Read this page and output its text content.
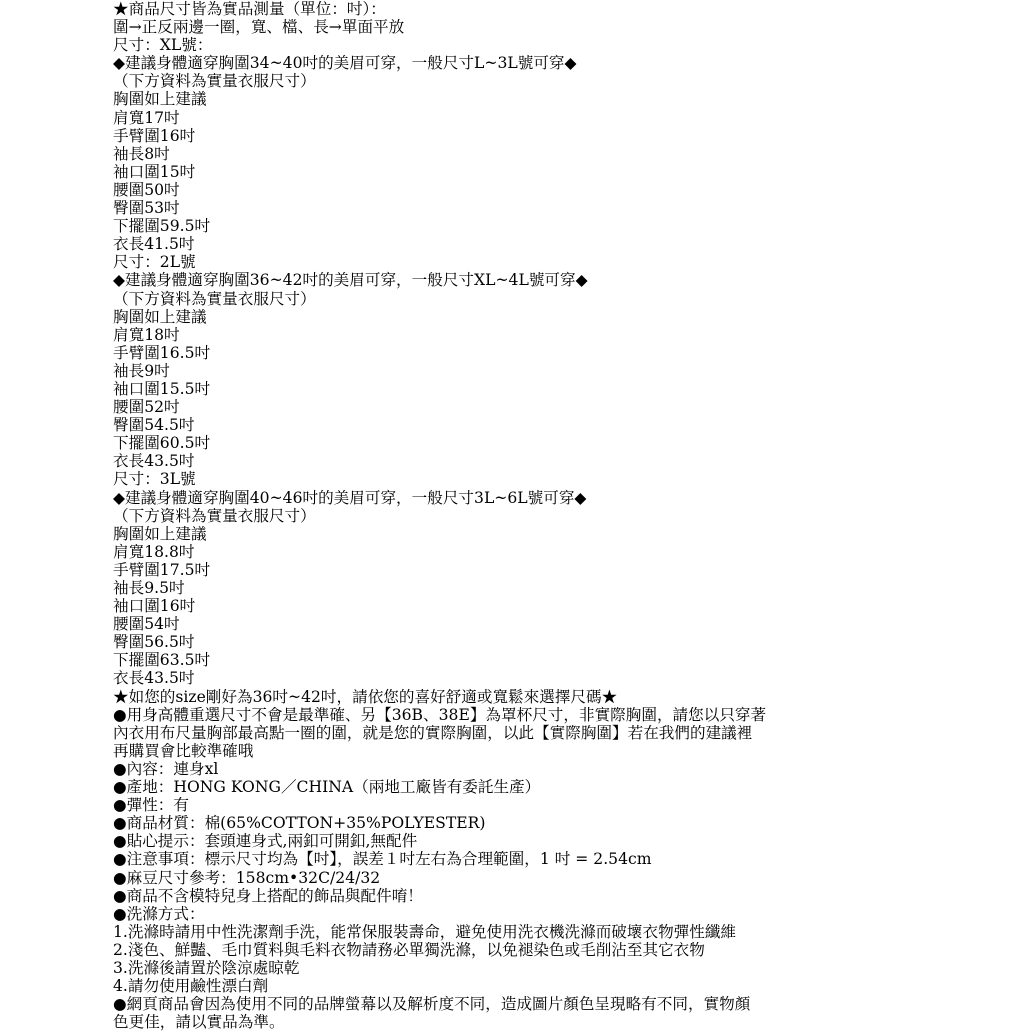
★商品尺寸皆為實品測量（單位：吋）：
圍→正反兩邊一圈，寬、檔、長→單面平放
尺寸：XL號：
◆建議身體適穿胸圍34~40吋的美眉可穿，一般尺寸L~3L號可穿◆
（下方資料為實量衣服尺寸）
胸圍如上建議
肩寬17吋
手臂圍16吋
袖長8吋
袖口圍15吋
腰圍50吋
臀圍53吋
下擺圍59.5吋
衣長41.5吋
尺寸：2L號
◆建議身體適穿胸圍36~42吋的美眉可穿，一般尺寸XL~4L號可穿◆
（下方資料為實量衣服尺寸）
胸圍如上建議
肩寬18吋
手臂圍16.5吋
袖長9吋
袖口圍15.5吋
腰圍52吋
臀圍54.5吋
下擺圍60.5吋
衣長43.5吋
尺寸：3L號
◆建議身體適穿胸圍40~46吋的美眉可穿，一般尺寸3L~6L號可穿◆
（下方資料為實量衣服尺寸）
胸圍如上建議
肩寬18.8吋
手臂圍17.5吋
袖長9.5吋
袖口圍16吋
腰圍54吋
臀圍56.5吋
下擺圍63.5吋
衣長43.5吋
★如您的size剛好為36吋~42吋，請依您的喜好舒適或寬鬆來選擇尺碼★
●用身高體重選尺寸不會是最準確、另【36B、38E】為罩杯尺寸，非實際胸圍，請您以只穿著
內衣用布尺量胸部最高點一圈的圍，就是您的實際胸圍，以此【實際胸圍】若在我們的建議裡
再購買會比較準確哦
●內容：連身xl
●產地：HONG KONG／CHINA（兩地工廠皆有委託生產）
●彈性：有
●商品材質：棉(65%COTTON+35%POLYESTER)
●貼心提示：套頭連身式,兩釦可開釦,無配件
●注意事項：標示尺寸均為【吋】，誤差１吋左右為合理範圍，1 吋 = 2.54cm
●麻豆尺寸參考：158cm•32C/24/32
●商品不含模特兒身上搭配的飾品與配件唷！
●洗滌方式：
1.洗滌時請用中性洗潔劑手洗，能常保服裝壽命，避免使用洗衣機洗滌而破壞衣物彈性纖維
2.淺色、鮮豔、毛巾質料與毛料衣物請務必單獨洗滌，以免褪染色或毛削沾至其它衣物
3.洗滌後請置於陰涼處晾乾
4.請勿使用鹼性漂白劑
●網頁商品會因為使用不同的品牌螢幕以及解析度不同，造成圖片顏色呈現略有不同，實物顏
色更佳，請以實品為準。
